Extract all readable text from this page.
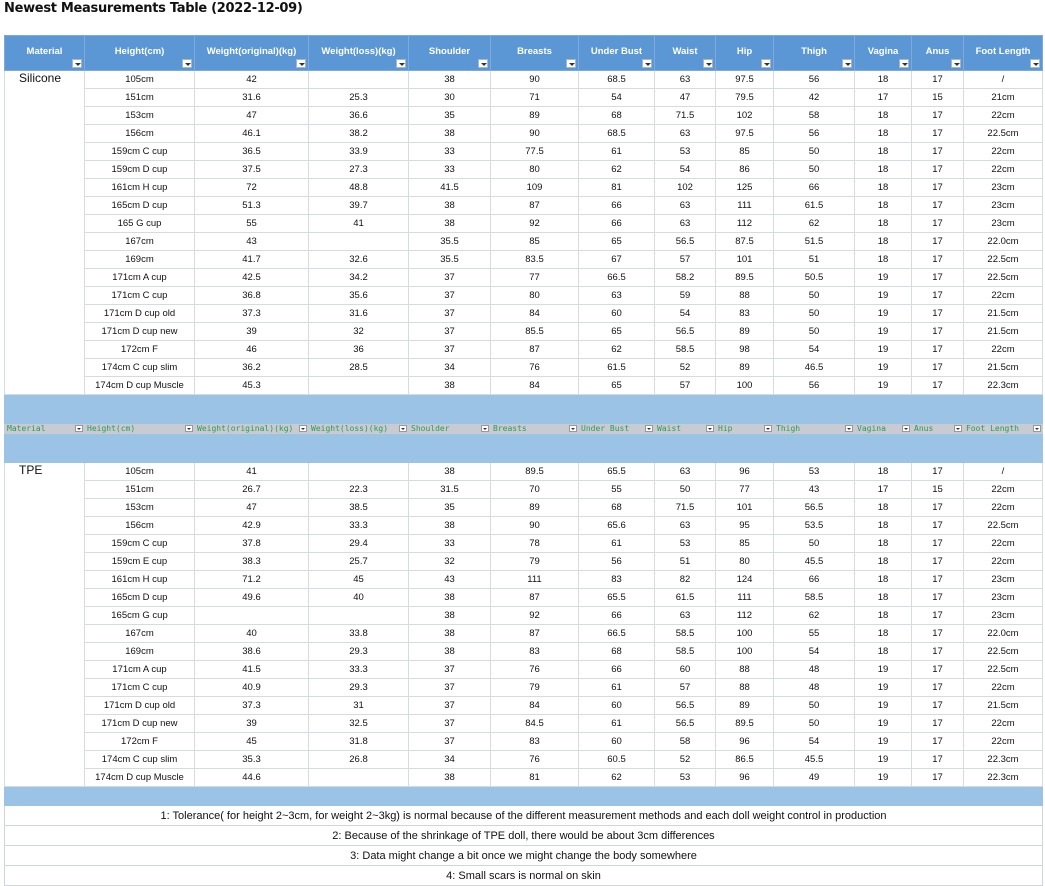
Newest Measurements Table (2022-12-09)
Material	Height(cm)	Weight(original)(kg)	Weight(loss)(kg)	Shoulder	Breasts	Under Bust	Waist	Hip	Thigh	Vagina	Anus	Foot Length

Silicone	105cm	42		38	90	68.5	63	97.5	56	18	17	/
	151cm	31.6	25.3	30	71	54	47	79.5	42	17	15	21cm
	153cm	47	36.6	35	89	68	71.5	102	58	18	17	22cm
	156cm	46.1	38.2	38	90	68.5	63	97.5	56	18	17	22.5cm
	159cm C cup	36.5	33.9	33	77.5	61	53	85	50	18	17	22cm
	159cm D cup	37.5	27.3	33	80	62	54	86	50	18	17	22cm
	161cm H cup	72	48.8	41.5	109	81	102	125	66	18	17	23cm
	165cm D cup	51.3	39.7	38	87	66	63	111	61.5	18	17	23cm
	165 G cup	55	41	38	92	66	63	112	62	18	17	23cm
	167cm	43		35.5	85	65	56.5	87.5	51.5	18	17	22.0cm
	169cm	41.7	32.6	35.5	83.5	67	57	101	51	18	17	22.5cm
	171cm A cup	42.5	34.2	37	77	66.5	58.2	89.5	50.5	19	17	22.5cm
	171cm C cup	36.8	35.6	37	80	63	59	88	50	19	17	22cm
	171cm D cup old	37.3	31.6	37	84	60	54	83	50	19	17	21.5cm
	171cm D cup new	39	32	37	85.5	65	56.5	89	50	19	17	21.5cm
	172cm F	46	36	37	87	62	58.5	98	54	19	17	22cm
	174cm C cup slim	36.2	28.5	34	76	61.5	52	89	46.5	19	17	21.5cm
	174cm D cup Muscle	45.3		38	84	65	57	100	56	19	17	22.3cm

Material	Height(cm)	Weight(original)(kg)	Weight(loss)(kg)	Shoulder	Breasts	Under Bust	Waist	Hip	Thigh	Vagina	Anus	Foot Length

TPE	105cm	41		38	89.5	65.5	63	96	53	18	17	/
	151cm	26.7	22.3	31.5	70	55	50	77	43	17	15	22cm
	153cm	47	38.5	35	89	68	71.5	101	56.5	18	17	22cm
	156cm	42.9	33.3	38	90	65.6	63	95	53.5	18	17	22.5cm
	159cm C cup	37.8	29.4	33	78	61	53	85	50	18	17	22cm
	159cm E cup	38.3	25.7	32	79	56	51	80	45.5	18	17	22cm
	161cm H cup	71.2	45	43	111	83	82	124	66	18	17	23cm
	165cm D cup	49.6	40	38	87	65.5	61.5	111	58.5	18	17	23cm
	165cm G cup			38	92	66	63	112	62	18	17	23cm
	167cm	40	33.8	38	87	66.5	58.5	100	55	18	17	22.0cm
	169cm	38.6	29.3	38	83	68	58.5	100	54	18	17	22.5cm
	171cm A cup	41.5	33.3	37	76	66	60	88	48	19	17	22.5cm
	171cm C cup	40.9	29.3	37	79	61	57	88	48	19	17	22cm
	171cm D cup old	37.3	31	37	84	60	56.5	89	50	19	17	21.5cm
	171cm D cup new	39	32.5	37	84.5	61	56.5	89.5	50	19	17	22cm
	172cm F	45	31.8	37	83	60	58	96	54	19	17	22cm
	174cm C cup slim	35.3	26.8	34	76	60.5	52	86.5	45.5	19	17	22.3cm
	174cm D cup Muscle	44.6		38	81	62	53	96	49	19	17	22.3cm

1: Tolerance( for height 2~3cm, for weight 2~3kg) is normal because of the different measurement methods and each doll weight control in production												
2: Because of the shrinkage of TPE doll, there would be about 3cm differences												
3: Data might change a bit once we might change the body somewhere												
4: Small scars is normal on skin												
